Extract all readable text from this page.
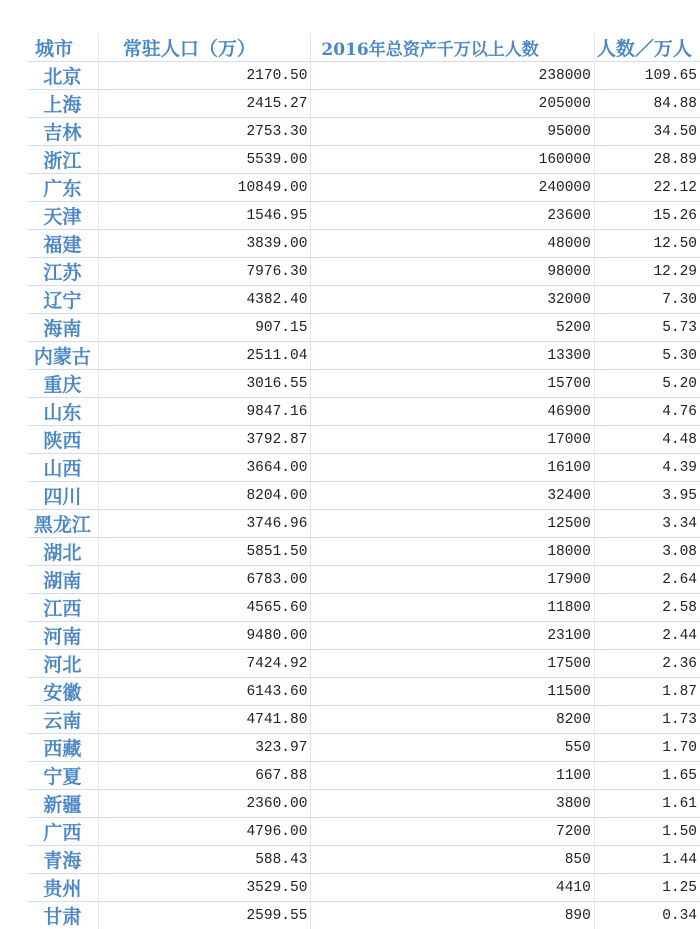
城市	常驻人口（万）	2016年总资产千万以上人数	人数／万人
北京	2170.50	238000	109.65
上海	2415.27	205000	84.88
吉林	2753.30	95000	34.50
浙江	5539.00	160000	28.89
广东	10849.00	240000	22.12
天津	1546.95	23600	15.26
福建	3839.00	48000	12.50
江苏	7976.30	98000	12.29
辽宁	4382.40	32000	7.30
海南	907.15	5200	5.73
内蒙古	2511.04	13300	5.30
重庆	3016.55	15700	5.20
山东	9847.16	46900	4.76
陕西	3792.87	17000	4.48
山西	3664.00	16100	4.39
四川	8204.00	32400	3.95
黑龙江	3746.96	12500	3.34
湖北	5851.50	18000	3.08
湖南	6783.00	17900	2.64
江西	4565.60	11800	2.58
河南	9480.00	23100	2.44
河北	7424.92	17500	2.36
安徽	6143.60	11500	1.87
云南	4741.80	8200	1.73
西藏	323.97	550	1.70
宁夏	667.88	1100	1.65
新疆	2360.00	3800	1.61
广西	4796.00	7200	1.50
青海	588.43	850	1.44
贵州	3529.50	4410	1.25
甘肃	2599.55	890	0.34
